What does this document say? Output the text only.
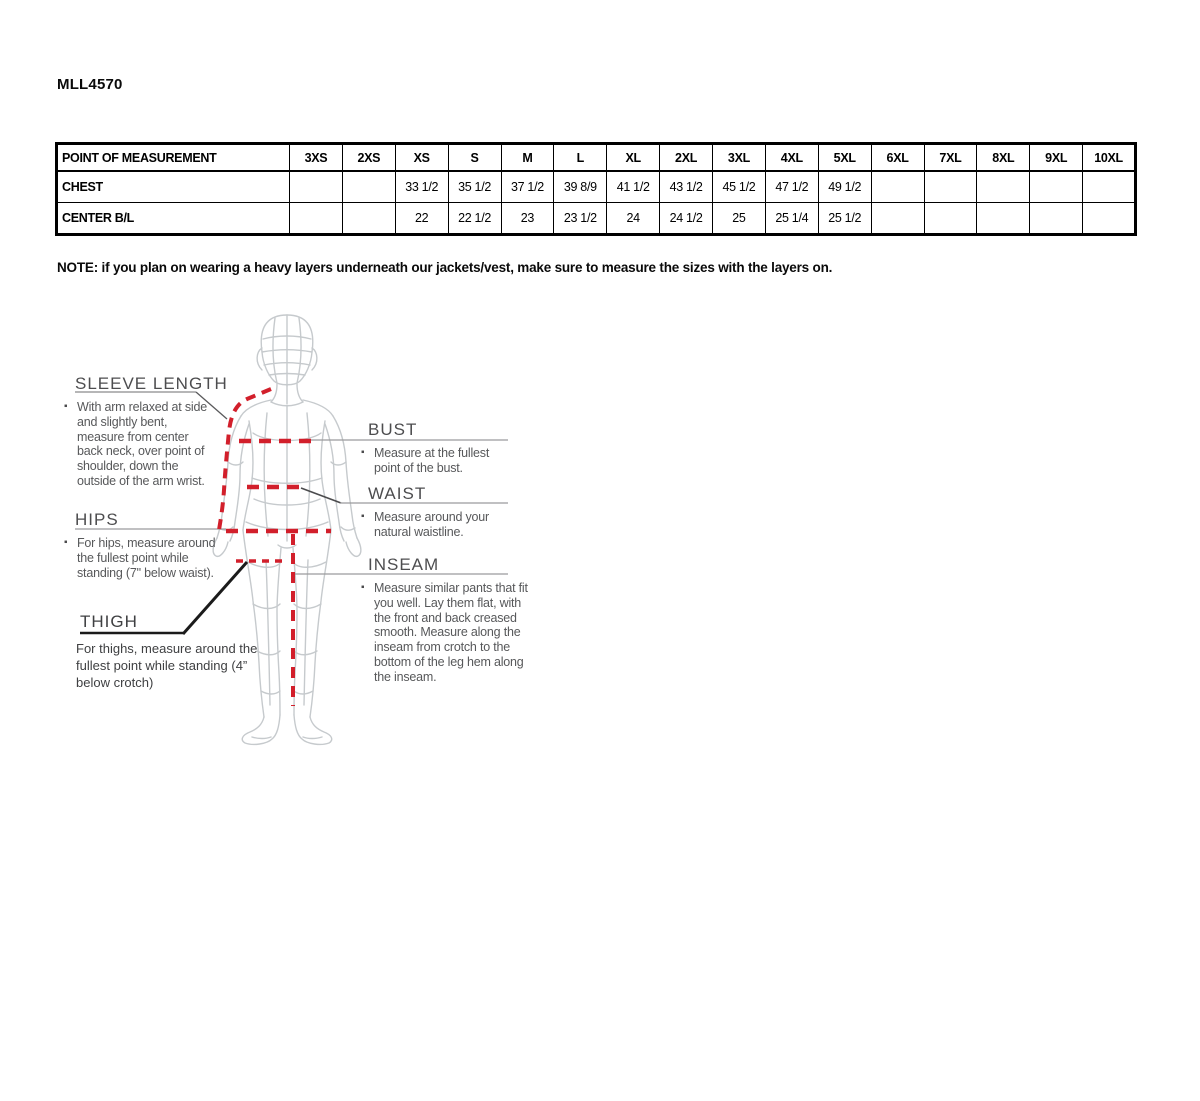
MLL4570
POINT OF MEASUREMENT	3XS	2XS	XS	S	M	L	XL	2XL	3XL	4XL	5XL	6XL	7XL	8XL	9XL	10XL
CHEST			33 1/2	35 1/2	37 1/2	39 8/9	41 1/2	43 1/2	45 1/2	47 1/2	49 1/2					
CENTER B/L			22	22 1/2	23	23 1/2	24	24 1/2	25	25 1/4	25 1/2					
NOTE: if you plan on wearing a heavy layers underneath our jackets/vest, make sure to measure the sizes with the layers on.
SLEEVE LENGTH
▪ With arm relaxed at side and slightly bent, measure from center back neck, over point of shoulder, down the outside of the arm wrist.
HIPS
▪ For hips, measure around the fullest point while standing (7" below waist).
THIGH
For thighs, measure around the fullest point while standing (4” below crotch)
BUST
▪ Measure at the fullest point of the bust.
WAIST
▪ Measure around your natural waistline.
INSEAM
▪ Measure similar pants that fit you well. Lay them flat, with the front and back creased smooth. Measure along the inseam from crotch to the bottom of the leg hem along the inseam.
